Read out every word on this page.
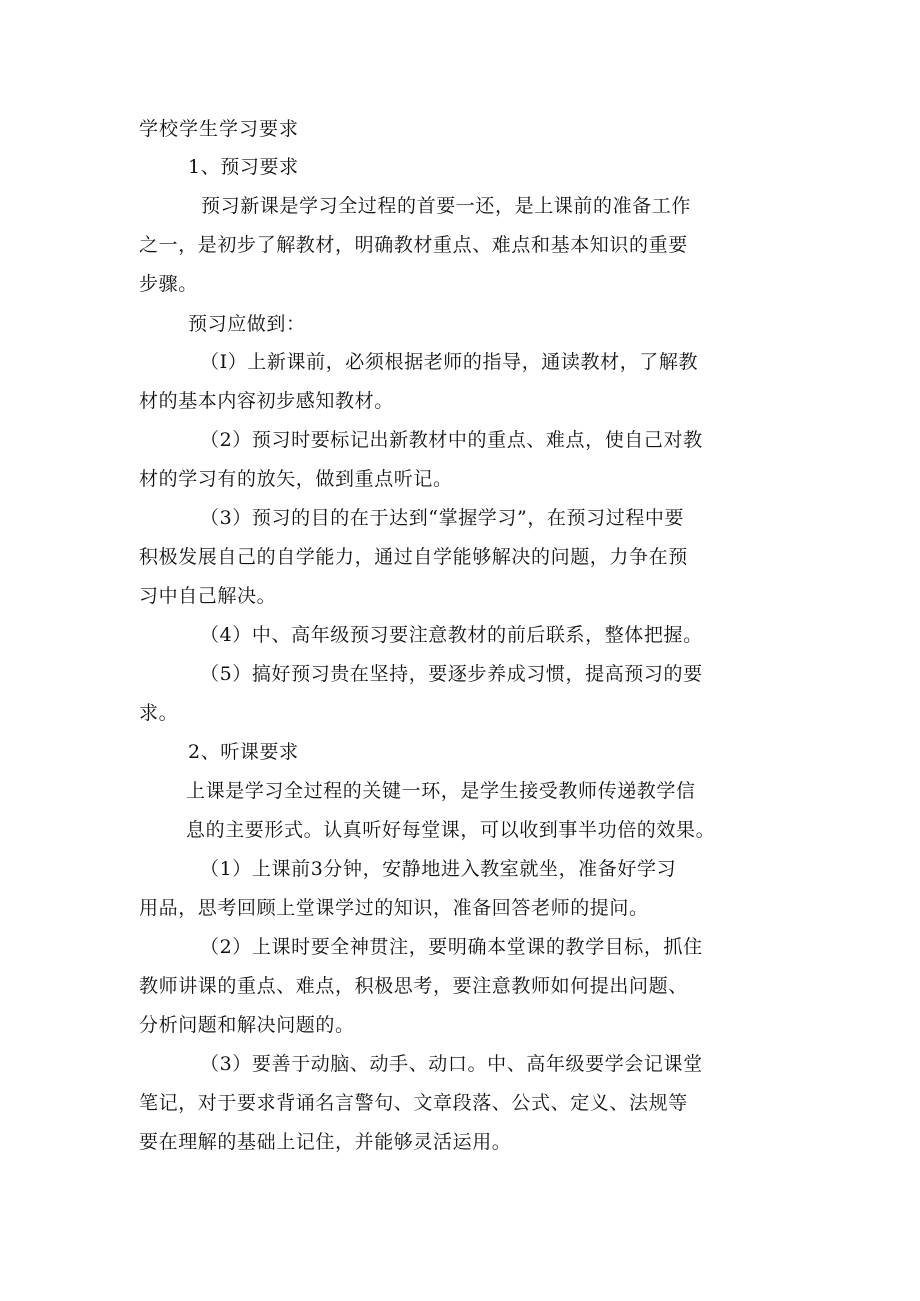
学校学生学习要求
1、预习要求
预习新课是学习全过程的首要一还，是上课前的准备工作
之一，是初步了解教材，明确教材重点、难点和基本知识的重要
步骤。
预习应做到：
（I）上新课前，必须根据老师的指导，通读教材，了解教
材的基本内容初步感知教材。
（2）预习时要标记出新教材中的重点、难点，使自己对教
材的学习有的放矢，做到重点听记。
（3）预习的目的在于达到“掌握学习”，在预习过程中要
积极发展自己的自学能力，通过自学能够解决的问题，力争在预
习中自己解决。
（4）中、高年级预习要注意教材的前后联系，整体把握。
（5）搞好预习贵在坚持，要逐步养成习惯，提高预习的要
求。
2、听课要求
上课是学习全过程的关键一环，是学生接受教师传递教学信
息的主要形式。认真听好每堂课，可以收到事半功倍的效果。
（1）上课前3分钟，安静地进入教室就坐，准备好学习
用品，思考回顾上堂课学过的知识，准备回答老师的提问。
（2）上课时要全神贯注，要明确本堂课的教学目标，抓住
教师讲课的重点、难点，积极思考，要注意教师如何提出问题、
分析问题和解决问题的。
（3）要善于动脑、动手、动口。中、高年级要学会记课堂
笔记，对于要求背诵名言警句、文章段落、公式、定义、法规等
要在理解的基础上记住，并能够灵活运用。
